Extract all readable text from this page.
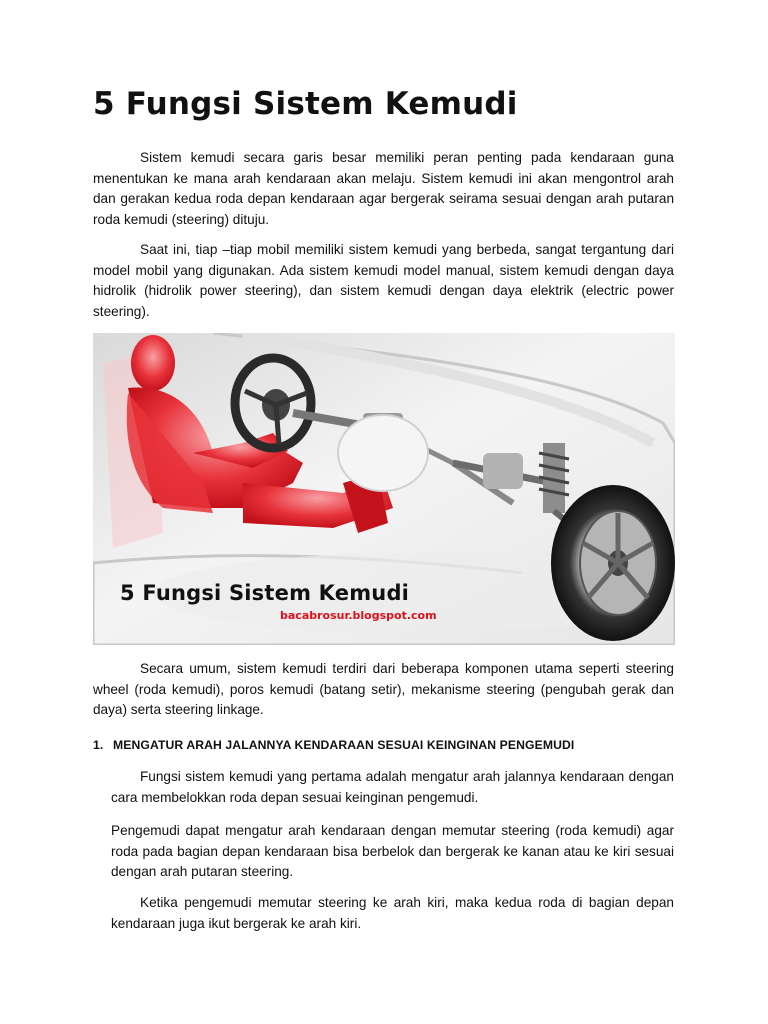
5 Fungsi Sistem Kemudi

Sistem kemudi secara garis besar memiliki peran penting pada kendaraan guna menentukan ke mana arah kendaraan akan melaju. Sistem kemudi ini akan mengontrol arah dan gerakan kedua roda depan kendaraan agar bergerak seirama sesuai dengan arah putaran roda kemudi (steering) dituju.

Saat ini, tiap –tiap mobil memiliki sistem kemudi yang berbeda, sangat tergantung dari model mobil yang digunakan. Ada sistem kemudi model manual, sistem kemudi dengan daya hidrolik (hidrolik power steering), dan sistem kemudi dengan daya elektrik (electric power steering).

5 Fungsi Sistem Kemudi
bacabrosur.blogspot.com

Secara umum, sistem kemudi terdiri dari beberapa komponen utama seperti steering wheel (roda kemudi), poros kemudi (batang setir), mekanisme steering (pengubah gerak dan daya) serta steering linkage.

1. MENGATUR ARAH JALANNYA KENDARAAN SESUAI KEINGINAN PENGEMUDI

Fungsi sistem kemudi yang pertama adalah mengatur arah jalannya kendaraan dengan cara membelokkan roda depan sesuai keinginan pengemudi.

Pengemudi dapat mengatur arah kendaraan dengan memutar steering (roda kemudi) agar roda pada bagian depan kendaraan bisa berbelok dan bergerak ke kanan atau ke kiri sesuai dengan arah putaran steering.

Ketika pengemudi memutar steering ke arah kiri, maka kedua roda di bagian depan kendaraan juga ikut bergerak ke arah kiri.
